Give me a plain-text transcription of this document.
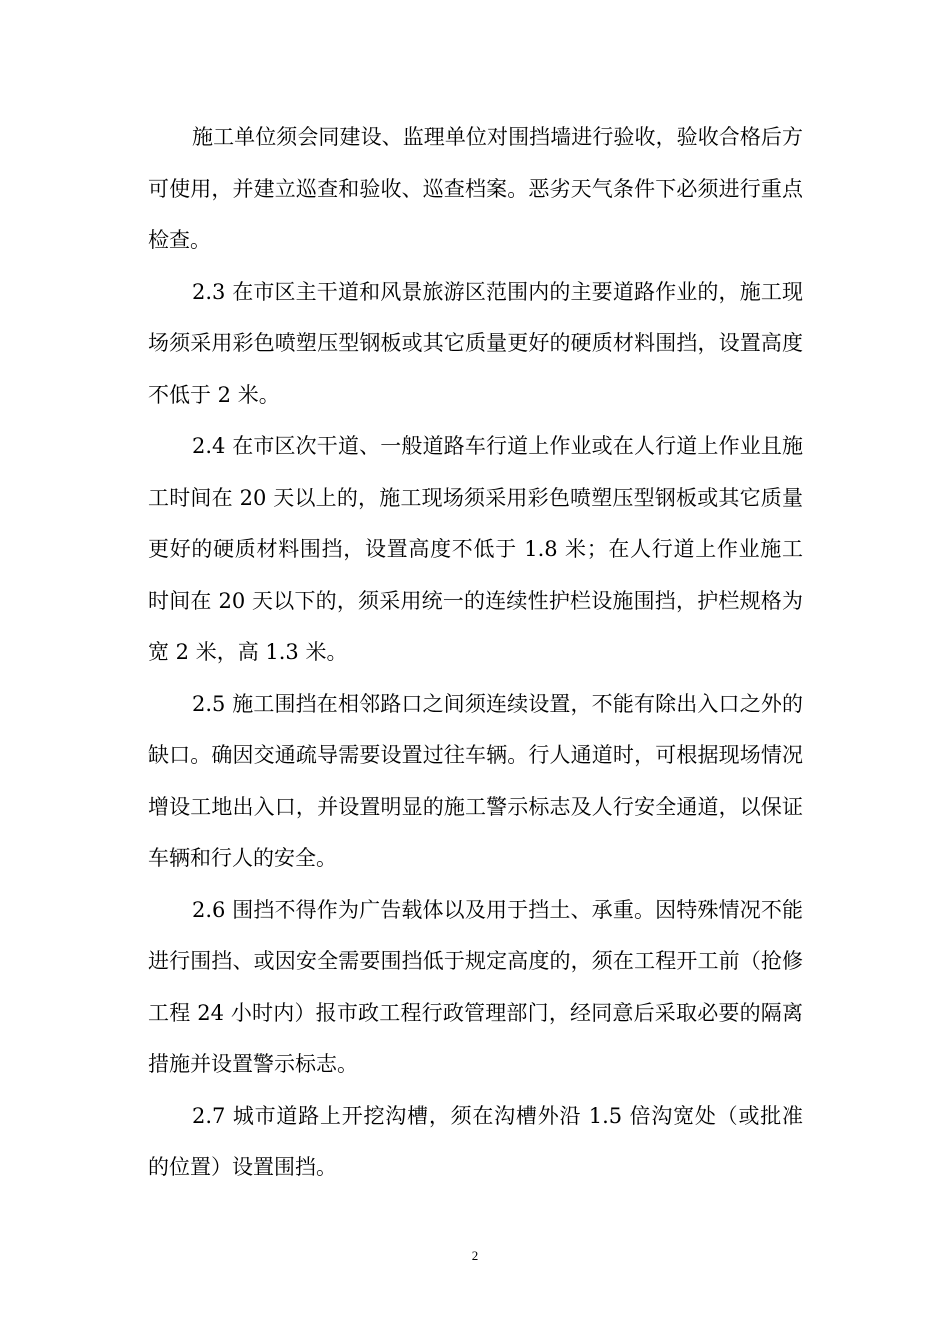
施工单位须会同建设、监理单位对围挡墙进行验收，验收合格后方可使用，并建立巡查和验收、巡查档案。恶劣天气条件下必须进行重点检查。

2.3 在市区主干道和风景旅游区范围内的主要道路作业的，施工现场须采用彩色喷塑压型钢板或其它质量更好的硬质材料围挡，设置高度不低于 2 米。

2.4 在市区次干道、一般道路车行道上作业或在人行道上作业且施工时间在 20 天以上的，施工现场须采用彩色喷塑压型钢板或其它质量更好的硬质材料围挡，设置高度不低于 1.8 米；在人行道上作业施工时间在 20 天以下的，须采用统一的连续性护栏设施围挡，护栏规格为宽 2 米，高 1.3 米。

2.5 施工围挡在相邻路口之间须连续设置，不能有除出入口之外的缺口。确因交通疏导需要设置过往车辆。行人通道时，可根据现场情况增设工地出入口，并设置明显的施工警示标志及人行安全通道，以保证车辆和行人的安全。

2.6 围挡不得作为广告载体以及用于挡土、承重。因特殊情况不能进行围挡、或因安全需要围挡低于规定高度的，须在工程开工前（抢修工程 24 小时内）报市政工程行政管理部门，经同意后采取必要的隔离措施并设置警示标志。

2.7 城市道路上开挖沟槽，须在沟槽外沿 1.5 倍沟宽处（或批准的位置）设置围挡。

2
